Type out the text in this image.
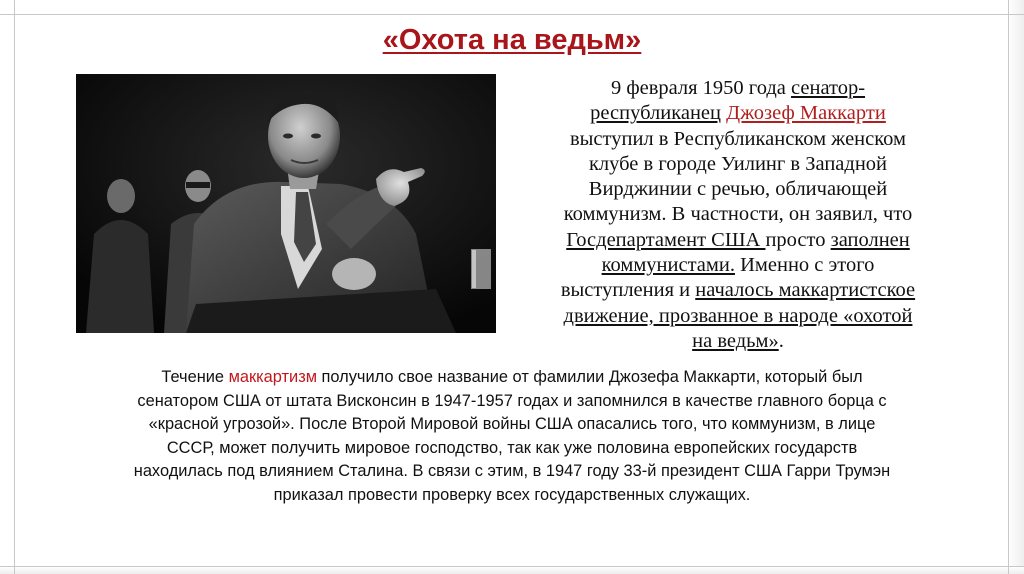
«Охота на ведьм»
9 февраля 1950 года сенатор-
республиканец Джозеф Маккарти
выступил в Республиканском женском
клубе в городе Уилинг в Западной
Вирджинии с речью, обличающей
коммунизм. В частности, он заявил, что
Госдепартамент США просто заполнен
коммунистами. Именно с этого
выступления и началось маккартистское
движение, прозванное в народе «охотой
на ведьм».
Течение маккартизм получило свое название от фамилии Джозефа Маккарти, который был
сенатором США от штата Висконсин в 1947-1957 годах и запомнился в качестве главного борца с
«красной угрозой». После Второй Мировой войны США опасались того, что коммунизм, в лице
СССР, может получить мировое господство, так как уже половина европейских государств
находилась под влиянием Сталина. В связи с этим, в 1947 году 33-й президент США Гарри Трумэн
приказал провести проверку всех государственных служащих.
